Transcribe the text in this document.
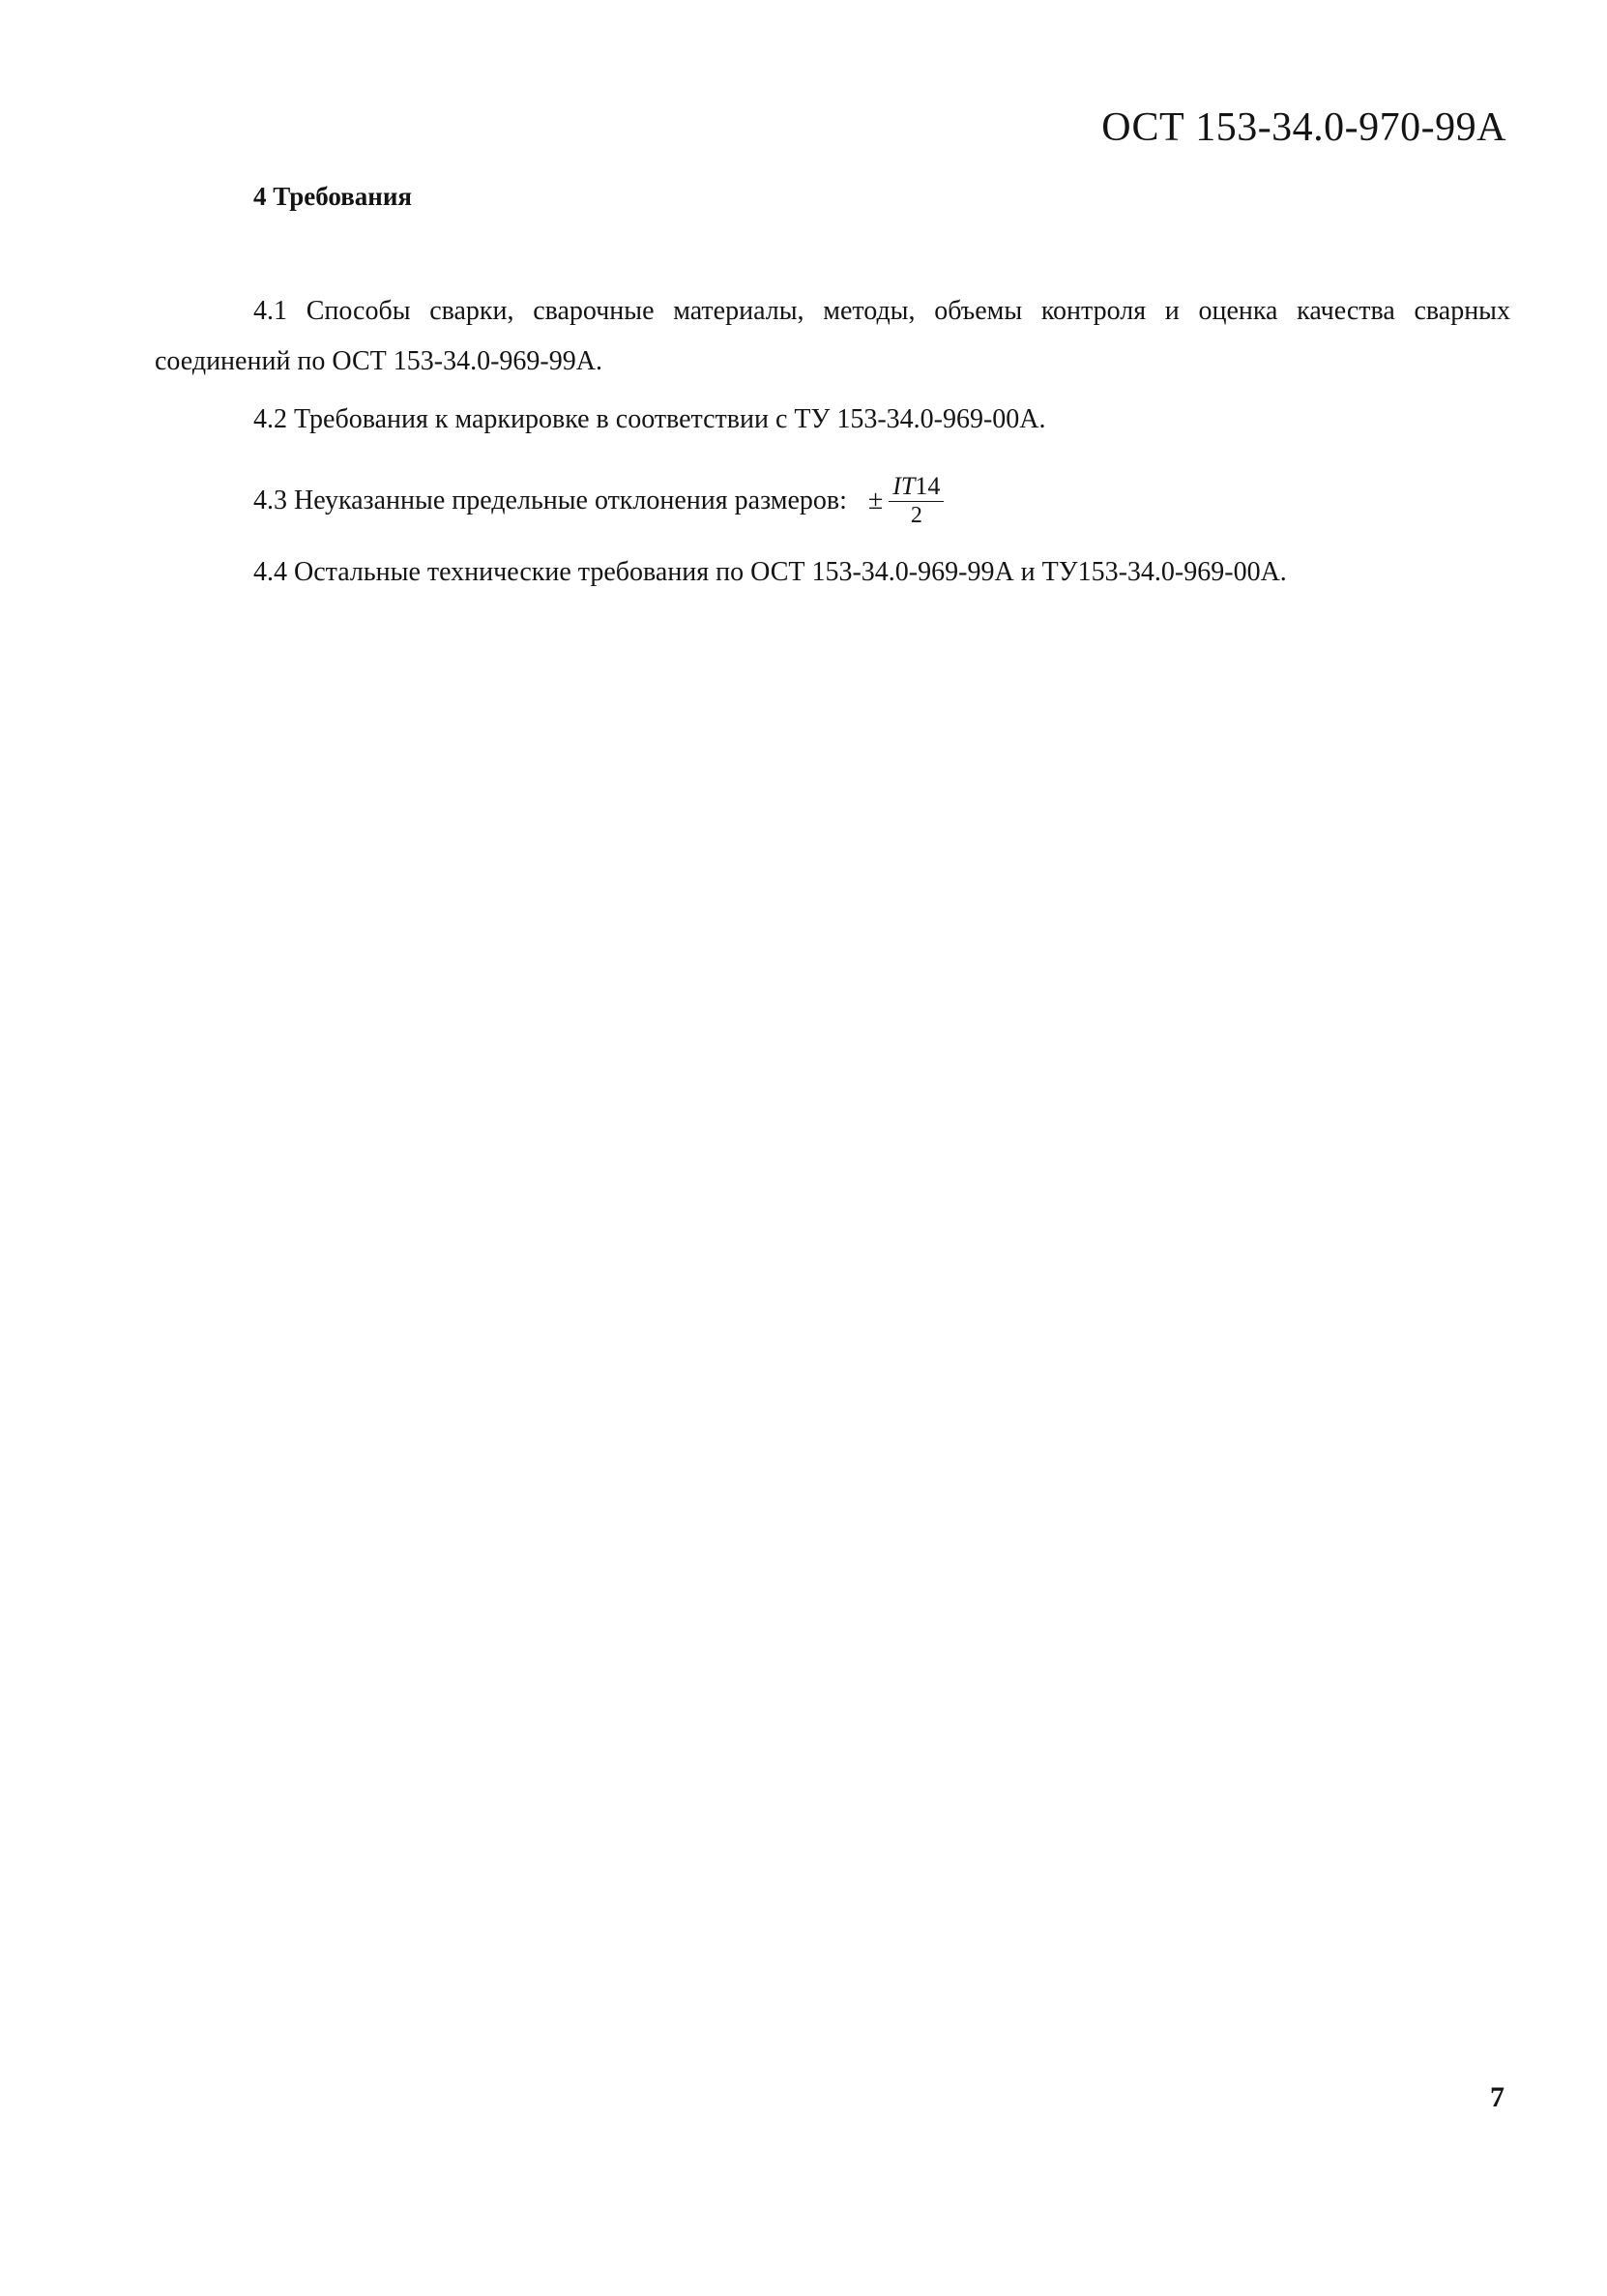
ОСТ 153-34.0-970-99А
4 Требования
4.1 Способы сварки, сварочные материалы, методы, объемы контроля и оценка качества сварных соединений по ОСТ 153-34.0-969-99А.
4.2 Требования к маркировке в соответствии с ТУ 153-34.0-969-00А.
4.3 Неуказанные предельные отклонения размеров: ± $\frac{IT14}{2}$
4.4 Остальные технические требования по ОСТ 153-34.0-969-99А и ТУ153-34.0-969-00А.
7
